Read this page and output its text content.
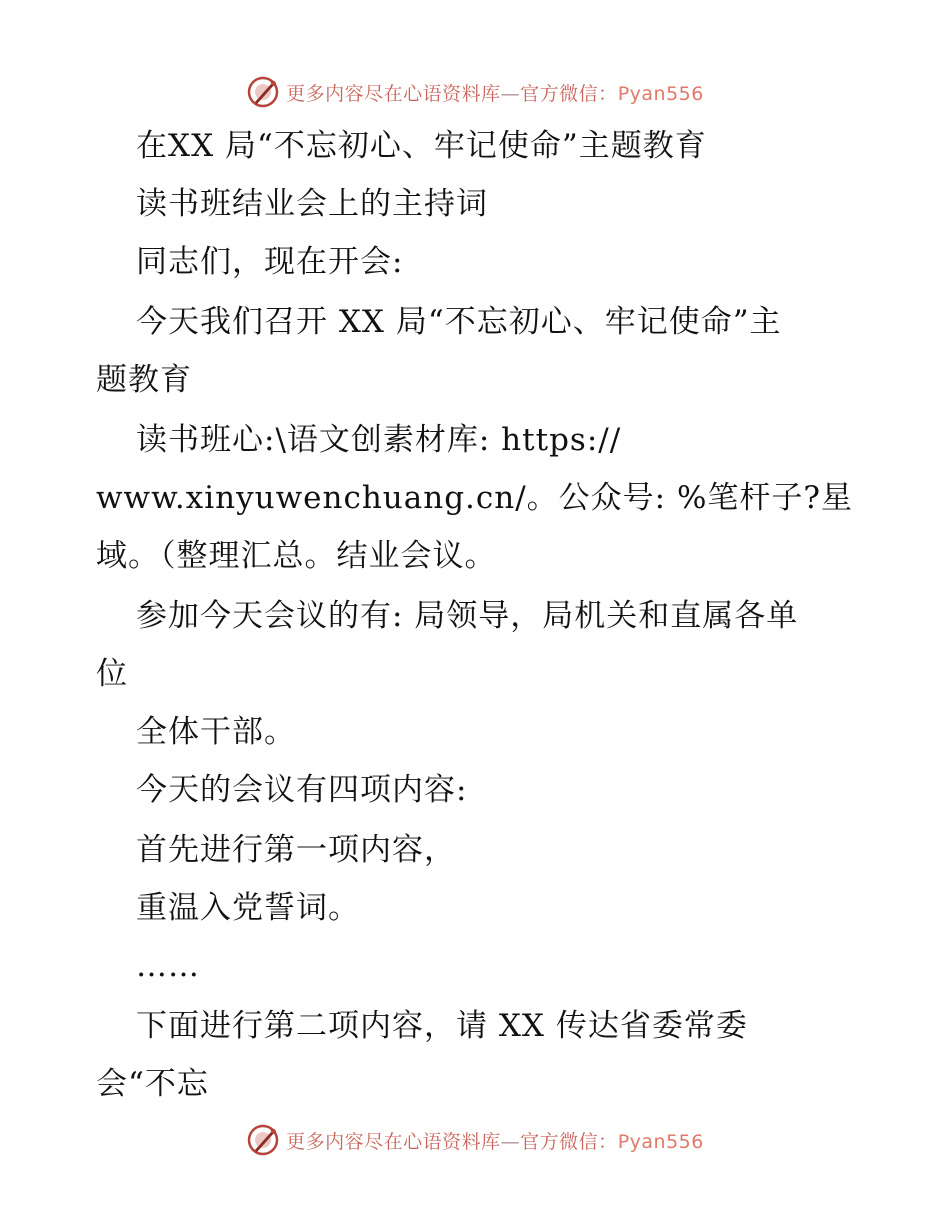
更多内容尽在心语资料库—官方微信：Pyan556
在XX 局“不忘初心、牢记使命”主题教育
读书班结业会上的主持词
同志们，现在开会:
今天我们召开 XX 局“不忘初心、牢记使命”主
题教育
读书班心:\语文创素材库: https://
www.xinyuwenchuang.cn/。公众号: %笔杆子?星
域。（整理汇总。结业会议。
参加今天会议的有: 局领导，局机关和直属各单
位
全体干部。
今天的会议有四项内容:
首先进行第一项内容，
重温入党誓词。
……
下面进行第二项内容，请 XX 传达省委常委
会“不忘
更多内容尽在心语资料库—官方微信：Pyan556
